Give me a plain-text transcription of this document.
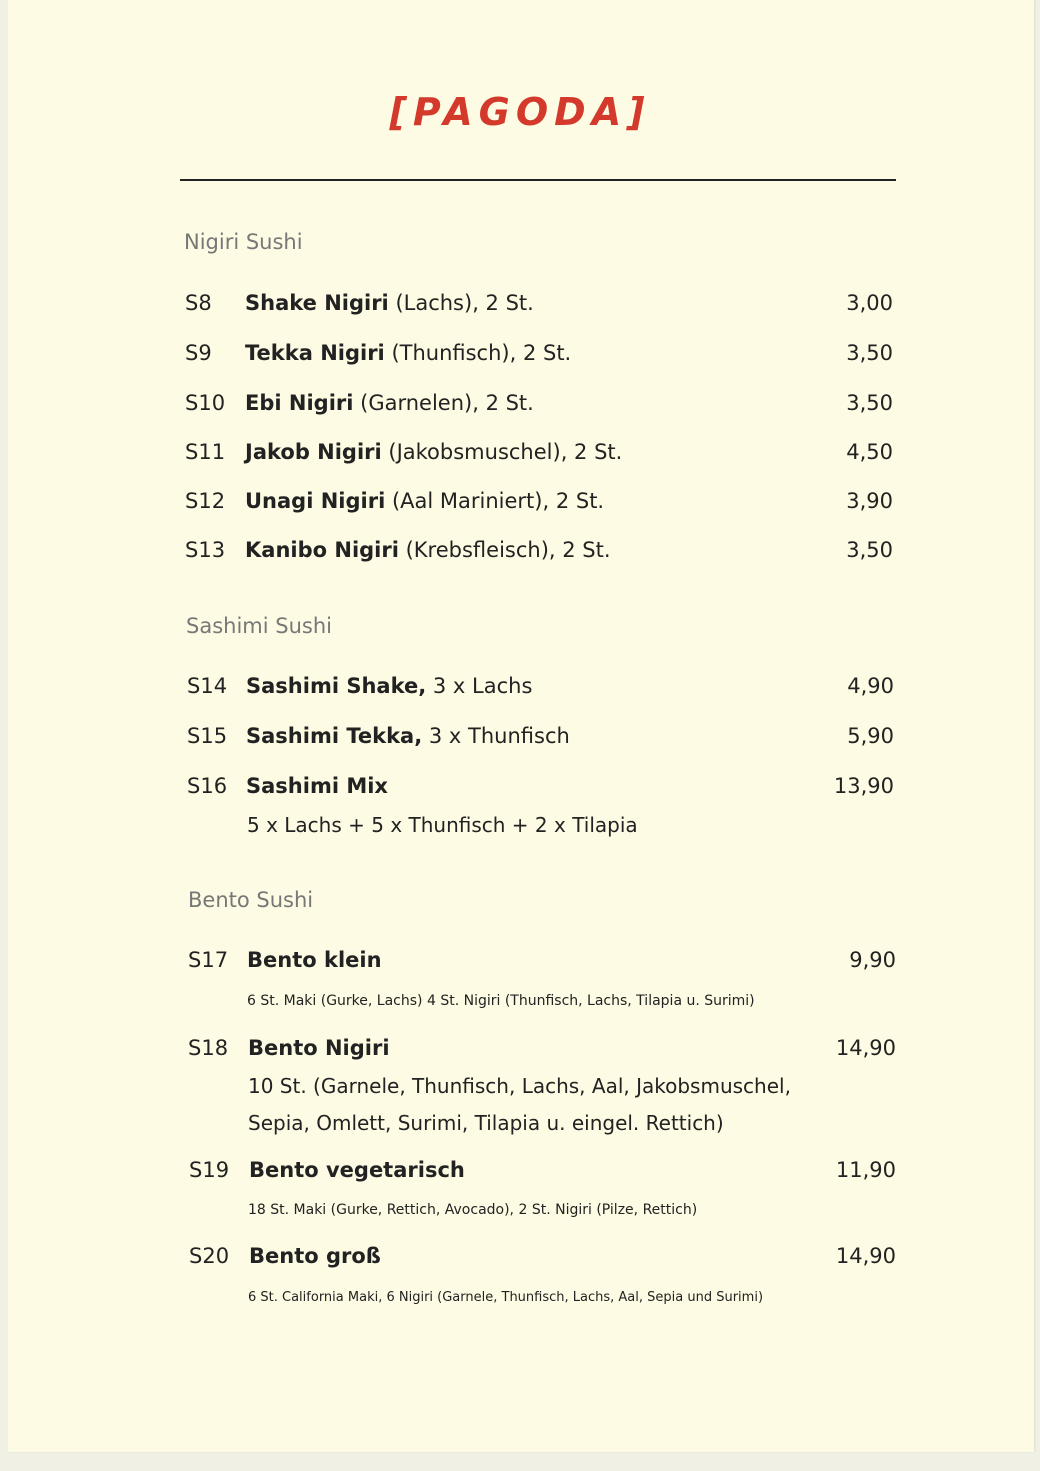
[PAGODA]
Nigiri Sushi
S8 Shake Nigiri (Lachs), 2 St.	3,00
S9 Tekka Nigiri (Thunfisch), 2 St.	3,50
S10 Ebi Nigiri (Garnelen), 2 St.	3,50
S11 Jakob Nigiri (Jakobsmuschel), 2 St.	4,50
S12 Unagi Nigiri (Aal Mariniert), 2 St.	3,90
S13 Kanibo Nigiri (Krebsfleisch), 2 St.	3,50
Sashimi Sushi
S14 Sashimi Shake, 3 x Lachs	4,90
S15 Sashimi Tekka, 3 x Thunfisch	5,90
S16 Sashimi Mix	13,90
5 x Lachs + 5 x Thunfisch + 2 x Tilapia
Bento Sushi
S17 Bento klein	9,90
6 St. Maki (Gurke, Lachs) 4 St. Nigiri (Thunfisch, Lachs, Tilapia u. Surimi)
S18 Bento Nigiri	14,90
10 St. (Garnele, Thunfisch, Lachs, Aal, Jakobsmuschel,
Sepia, Omlett, Surimi, Tilapia u. eingel. Rettich)
S19 Bento vegetarisch	11,90
18 St. Maki (Gurke, Rettich, Avocado), 2 St. Nigiri (Pilze, Rettich)
S20 Bento groß	14,90
6 St. California Maki, 6 Nigiri (Garnele, Thunfisch, Lachs, Aal, Sepia und Surimi)
